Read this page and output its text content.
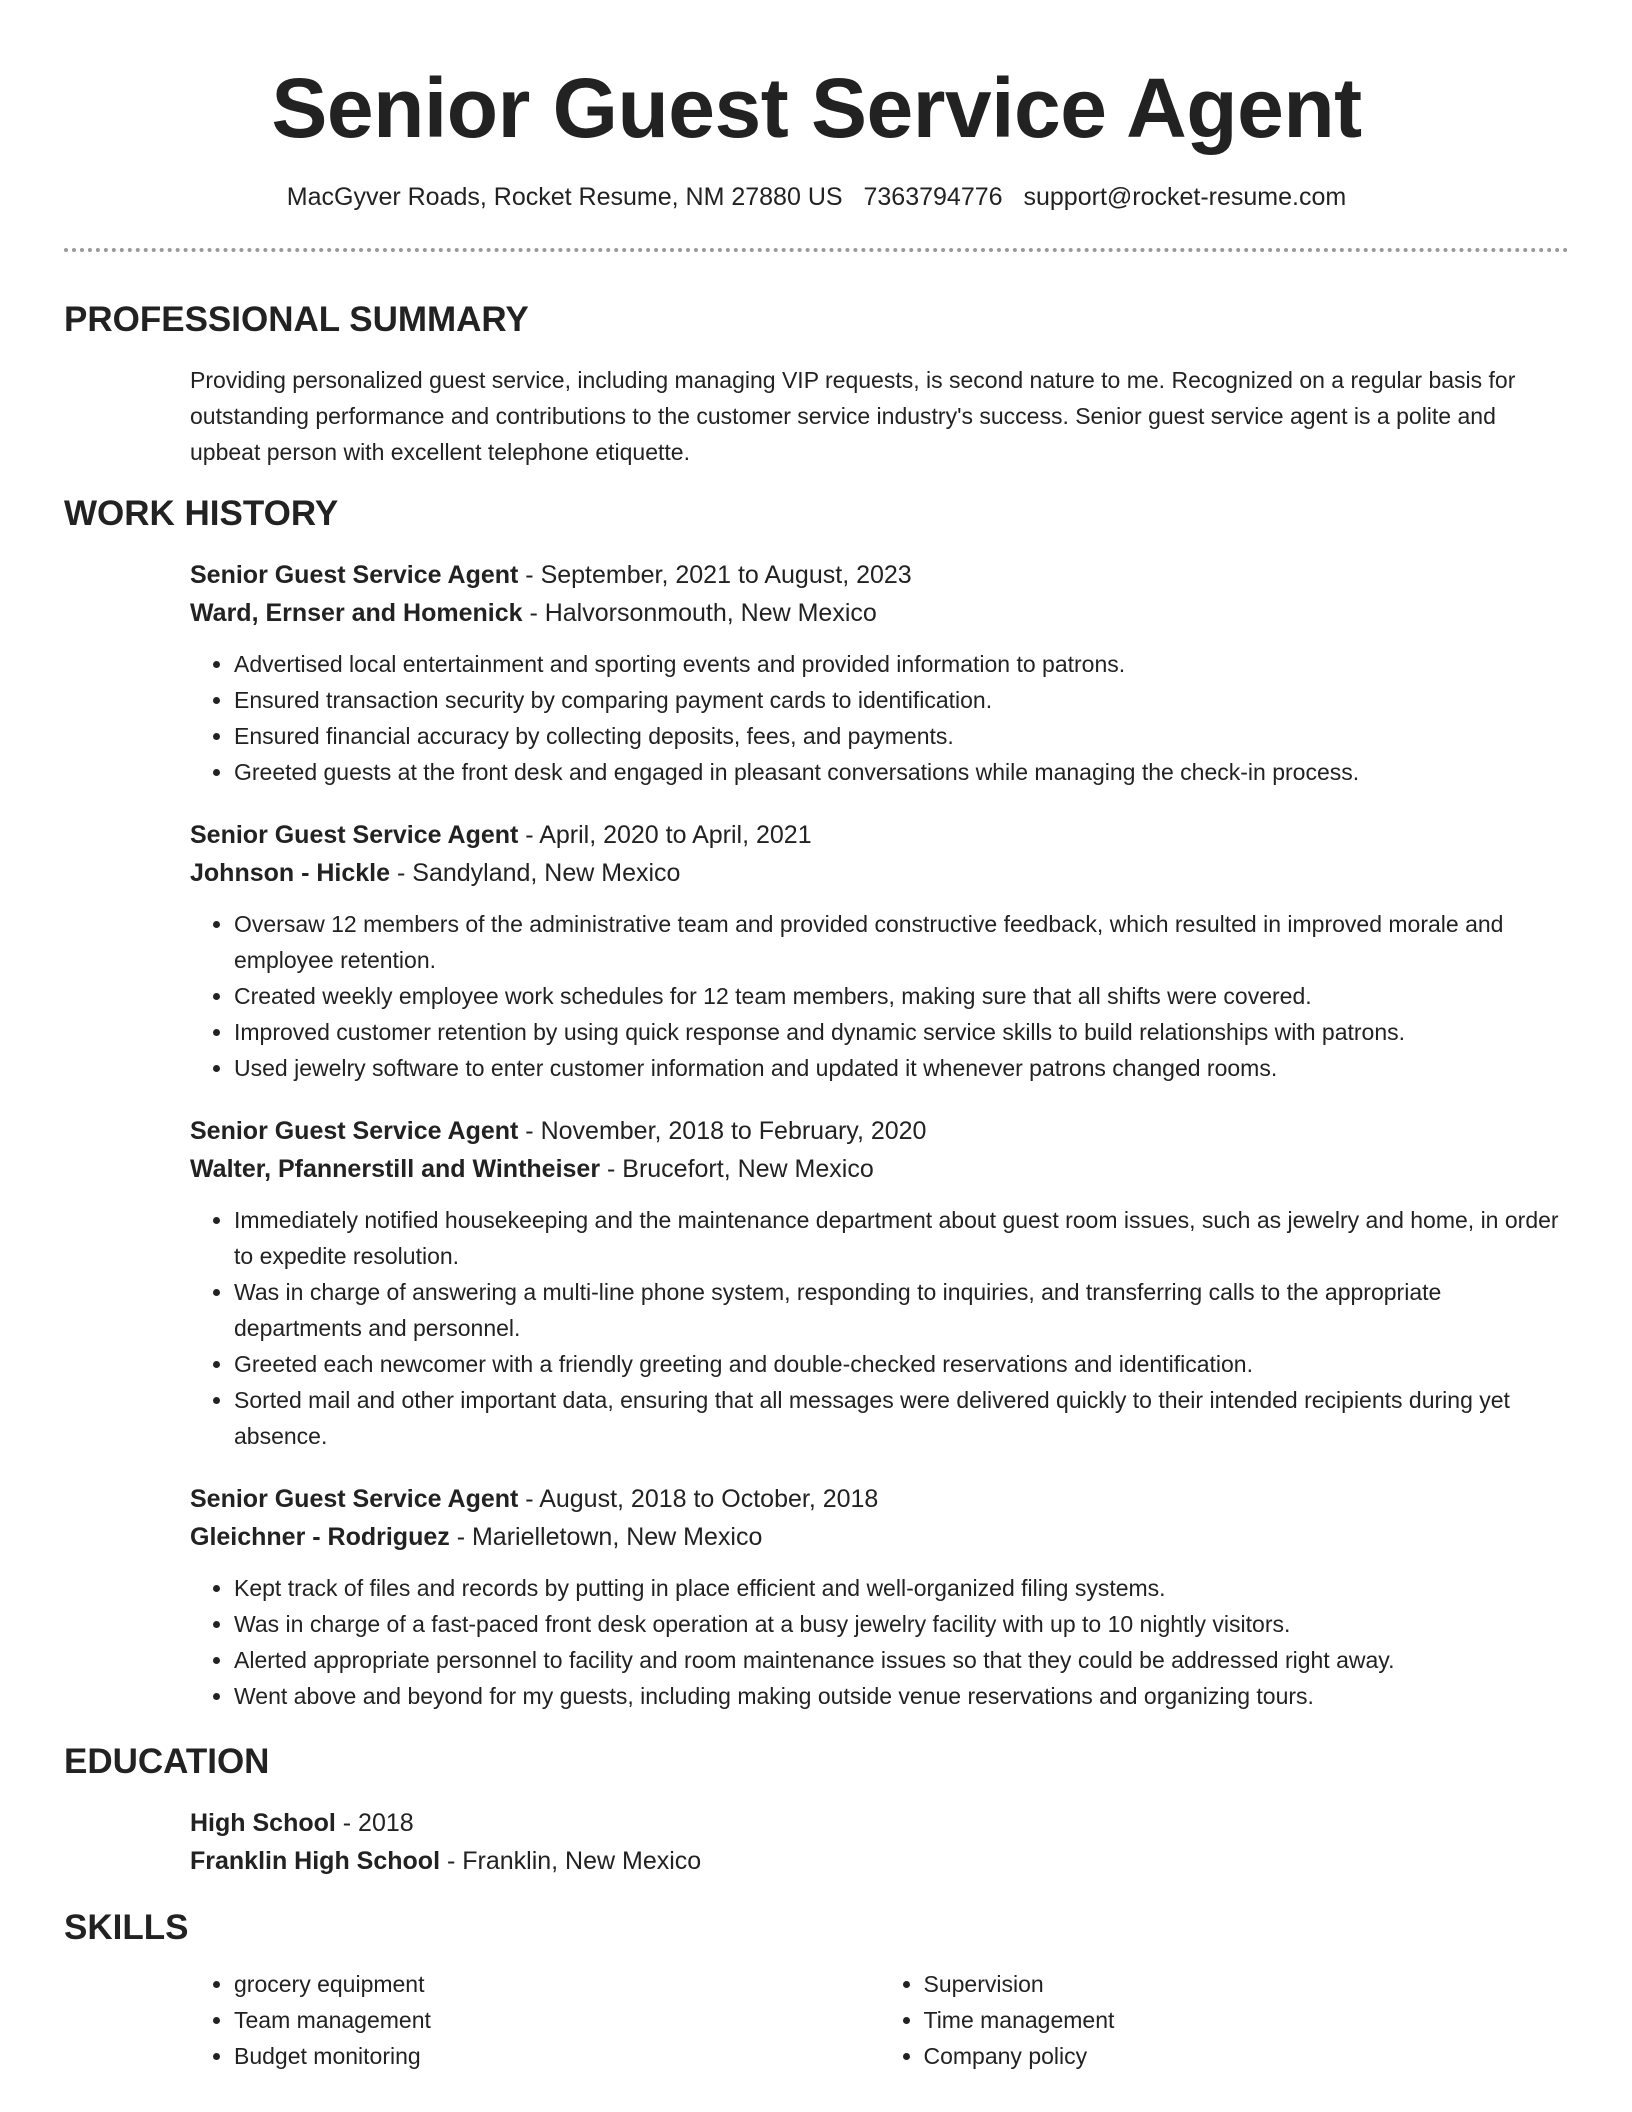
Senior Guest Service Agent
MacGyver Roads, Rocket Resume, NM 27880 US 7363794776 support@rocket-resume.com
PROFESSIONAL SUMMARY
Providing personalized guest service, including managing VIP requests, is second nature to me. Recognized on a regular basis for outstanding performance and contributions to the customer service industry's success. Senior guest service agent is a polite and upbeat person with excellent telephone etiquette.
WORK HISTORY
Senior Guest Service Agent - September, 2021 to August, 2023
Ward, Ernser and Homenick - Halvorsonmouth, New Mexico
• Advertised local entertainment and sporting events and provided information to patrons.
• Ensured transaction security by comparing payment cards to identification.
• Ensured financial accuracy by collecting deposits, fees, and payments.
• Greeted guests at the front desk and engaged in pleasant conversations while managing the check-in process.
Senior Guest Service Agent - April, 2020 to April, 2021
Johnson - Hickle - Sandyland, New Mexico
• Oversaw 12 members of the administrative team and provided constructive feedback, which resulted in improved morale and employee retention.
• Created weekly employee work schedules for 12 team members, making sure that all shifts were covered.
• Improved customer retention by using quick response and dynamic service skills to build relationships with patrons.
• Used jewelry software to enter customer information and updated it whenever patrons changed rooms.
Senior Guest Service Agent - November, 2018 to February, 2020
Walter, Pfannerstill and Wintheiser - Brucefort, New Mexico
• Immediately notified housekeeping and the maintenance department about guest room issues, such as jewelry and home, in order to expedite resolution.
• Was in charge of answering a multi-line phone system, responding to inquiries, and transferring calls to the appropriate departments and personnel.
• Greeted each newcomer with a friendly greeting and double-checked reservations and identification.
• Sorted mail and other important data, ensuring that all messages were delivered quickly to their intended recipients during yet absence.
Senior Guest Service Agent - August, 2018 to October, 2018
Gleichner - Rodriguez - Marielletown, New Mexico
• Kept track of files and records by putting in place efficient and well-organized filing systems.
• Was in charge of a fast-paced front desk operation at a busy jewelry facility with up to 10 nightly visitors.
• Alerted appropriate personnel to facility and room maintenance issues so that they could be addressed right away.
• Went above and beyond for my guests, including making outside venue reservations and organizing tours.
EDUCATION
High School - 2018
Franklin High School - Franklin, New Mexico
SKILLS
• grocery equipment
• Team management
• Budget monitoring
• Supervision
• Time management
• Company policy
